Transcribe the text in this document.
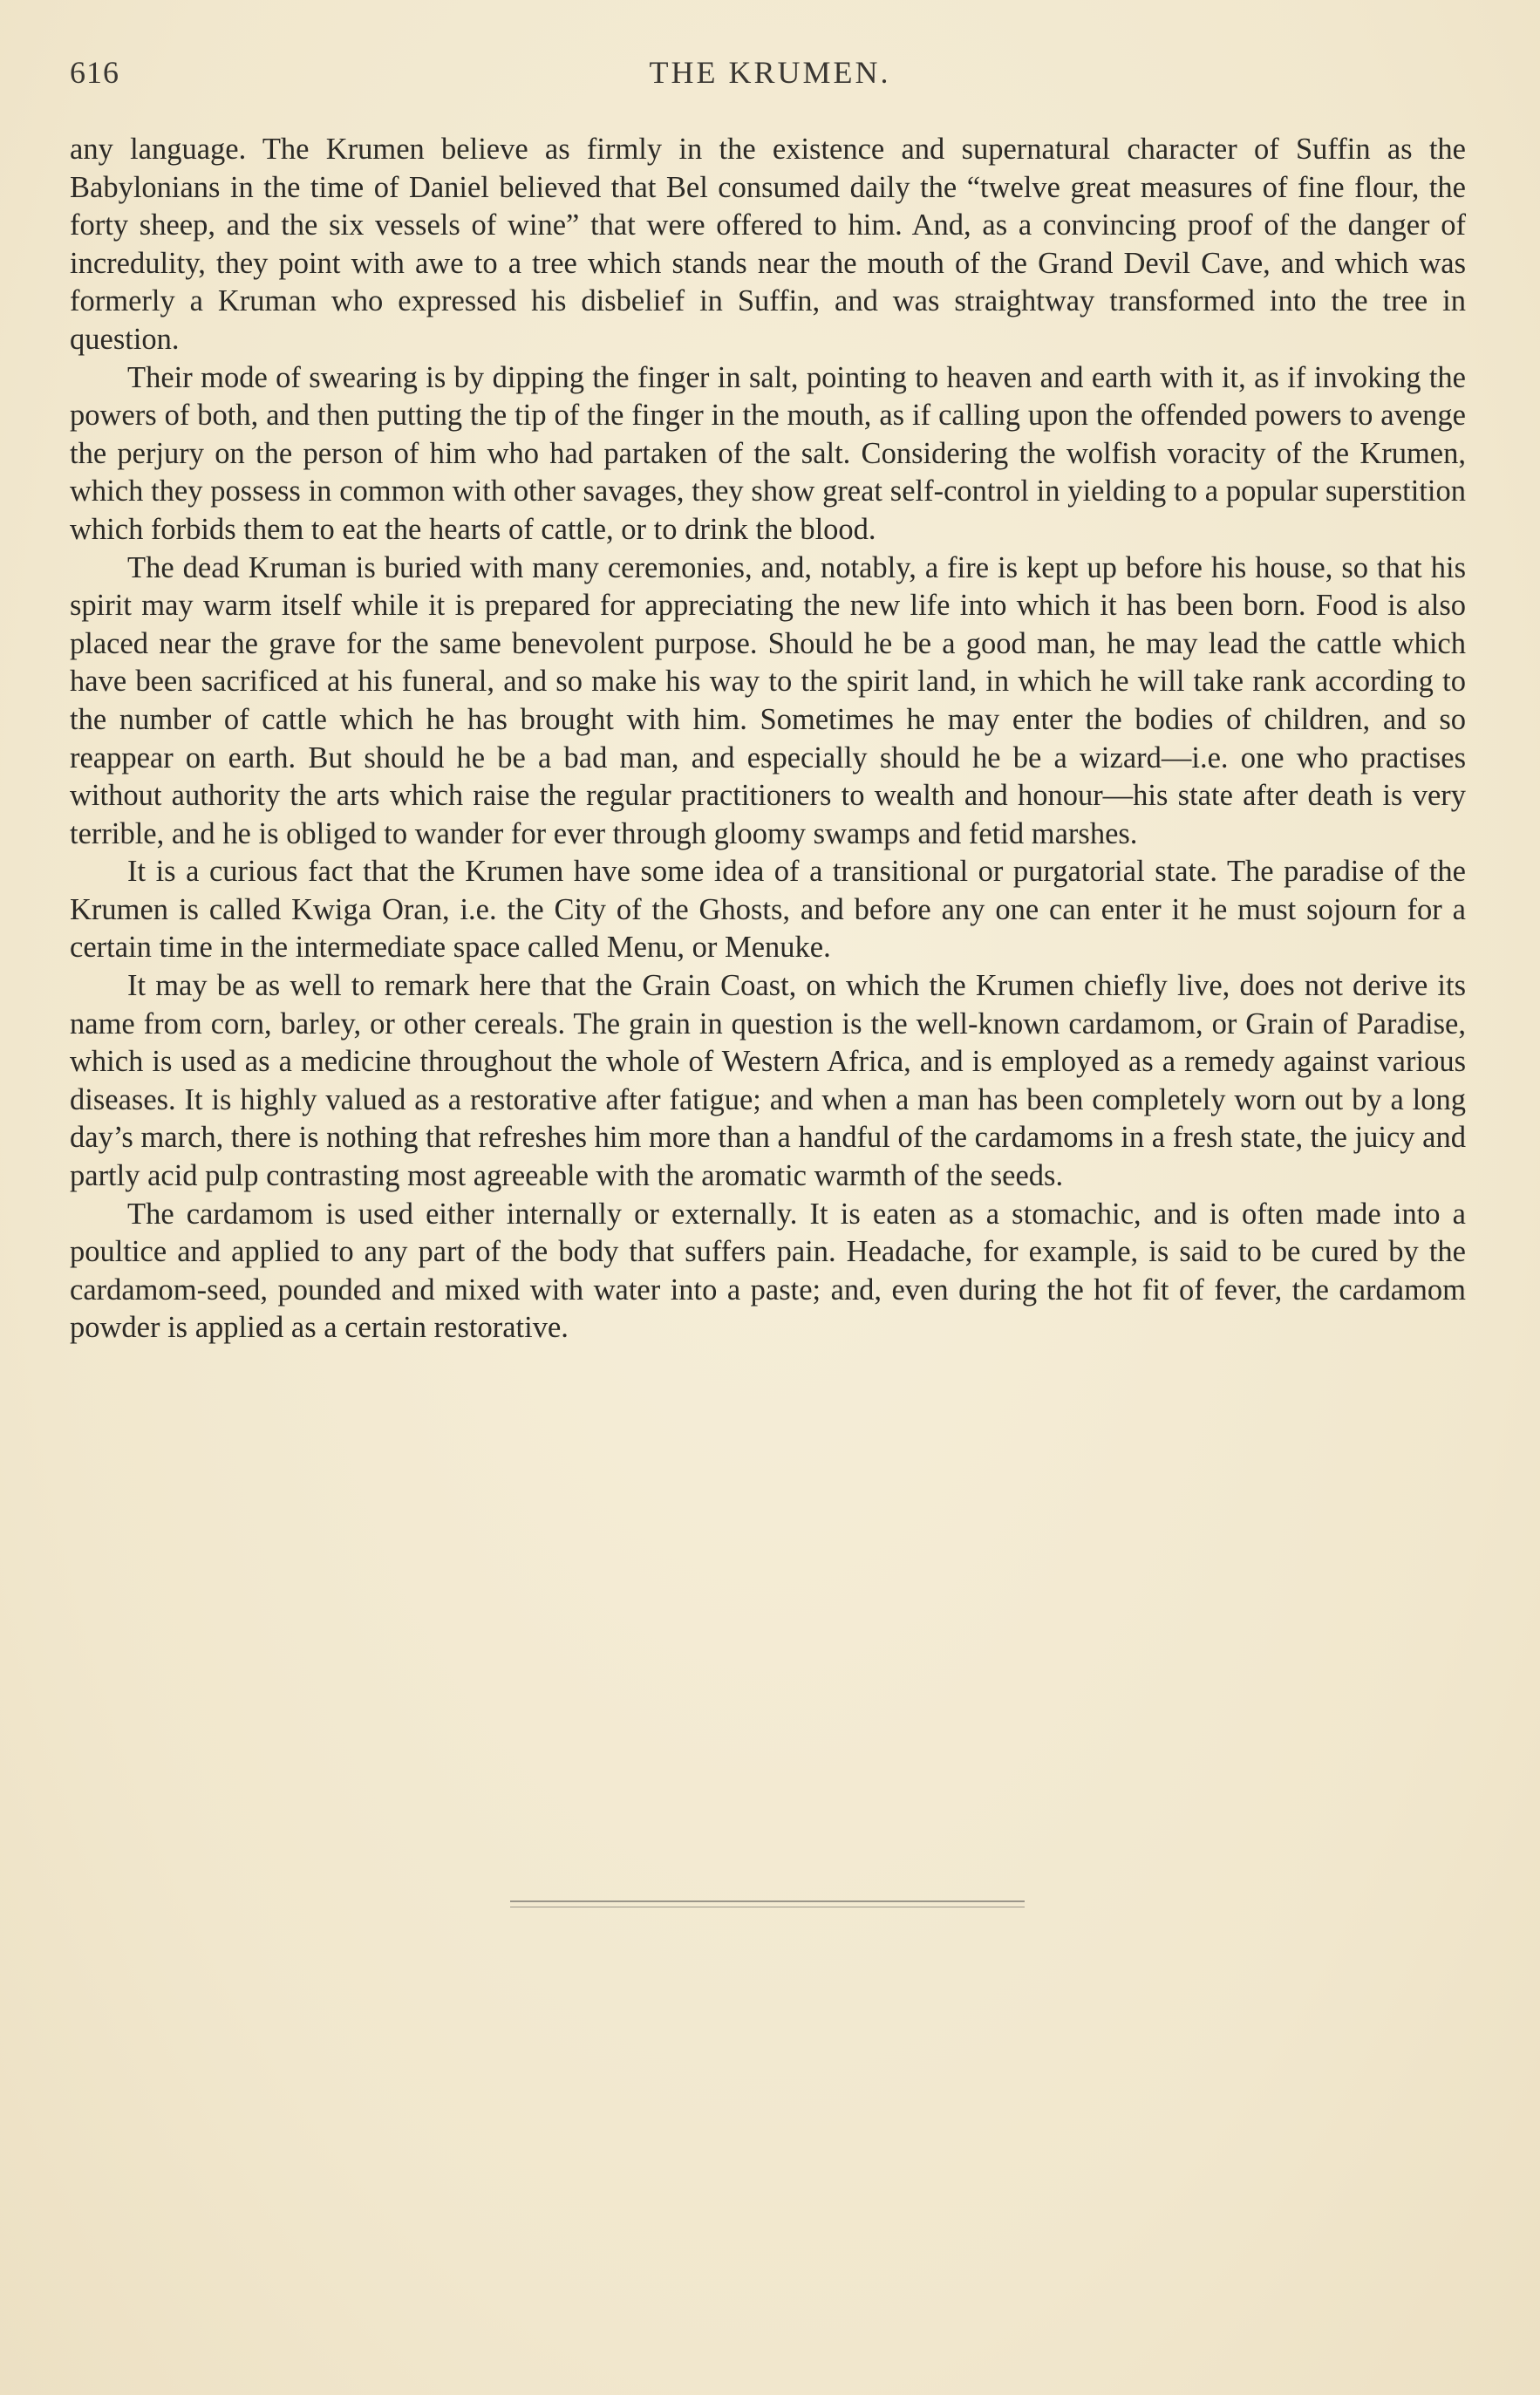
616	THE KRUMEN.

any language. The Krumen believe as firmly in the existence and supernatural character of Suffin as the Babylonians in the time of Daniel believed that Bel consumed daily the “twelve great measures of fine flour, the forty sheep, and the six vessels of wine” that were offered to him. And, as a convincing proof of the danger of incredulity, they point with awe to a tree which stands near the mouth of the Grand Devil Cave, and which was formerly a Kruman who expressed his disbelief in Suffin, and was straightway transformed into the tree in question.

Their mode of swearing is by dipping the finger in salt, pointing to heaven and earth with it, as if invoking the powers of both, and then putting the tip of the finger in the mouth, as if calling upon the offended powers to avenge the perjury on the person of him who had partaken of the salt. Considering the wolfish voracity of the Krumen, which they possess in common with other savages, they show great self-control in yielding to a popular superstition which forbids them to eat the hearts of cattle, or to drink the blood.

The dead Kruman is buried with many ceremonies, and, notably, a fire is kept up before his house, so that his spirit may warm itself while it is prepared for appreciating the new life into which it has been born. Food is also placed near the grave for the same benevolent purpose. Should he be a good man, he may lead the cattle which have been sacrificed at his funeral, and so make his way to the spirit land, in which he will take rank according to the number of cattle which he has brought with him. Sometimes he may enter the bodies of children, and so reappear on earth. But should he be a bad man, and especially should he be a wizard—i.e. one who practises without authority the arts which raise the regular practitioners to wealth and honour—his state after death is very terrible, and he is obliged to wander for ever through gloomy swamps and fetid marshes.

It is a curious fact that the Krumen have some idea of a transitional or purgatorial state. The paradise of the Krumen is called Kwiga Oran, i.e. the City of the Ghosts, and before any one can enter it he must sojourn for a certain time in the intermediate space called Menu, or Menuke.

It may be as well to remark here that the Grain Coast, on which the Krumen chiefly live, does not derive its name from corn, barley, or other cereals. The grain in question is the well-known cardamom, or Grain of Paradise, which is used as a medicine throughout the whole of Western Africa, and is employed as a remedy against various diseases. It is highly valued as a restorative after fatigue; and when a man has been completely worn out by a long day’s march, there is nothing that refreshes him more than a handful of the cardamoms in a fresh state, the juicy and partly acid pulp contrasting most agreeable with the aromatic warmth of the seeds.

The cardamom is used either internally or externally. It is eaten as a stomachic, and is often made into a poultice and applied to any part of the body that suffers pain. Headache, for example, is said to be cured by the cardamom-seed, pounded and mixed with water into a paste; and, even during the hot fit of fever, the cardamom powder is applied as a certain restorative.
